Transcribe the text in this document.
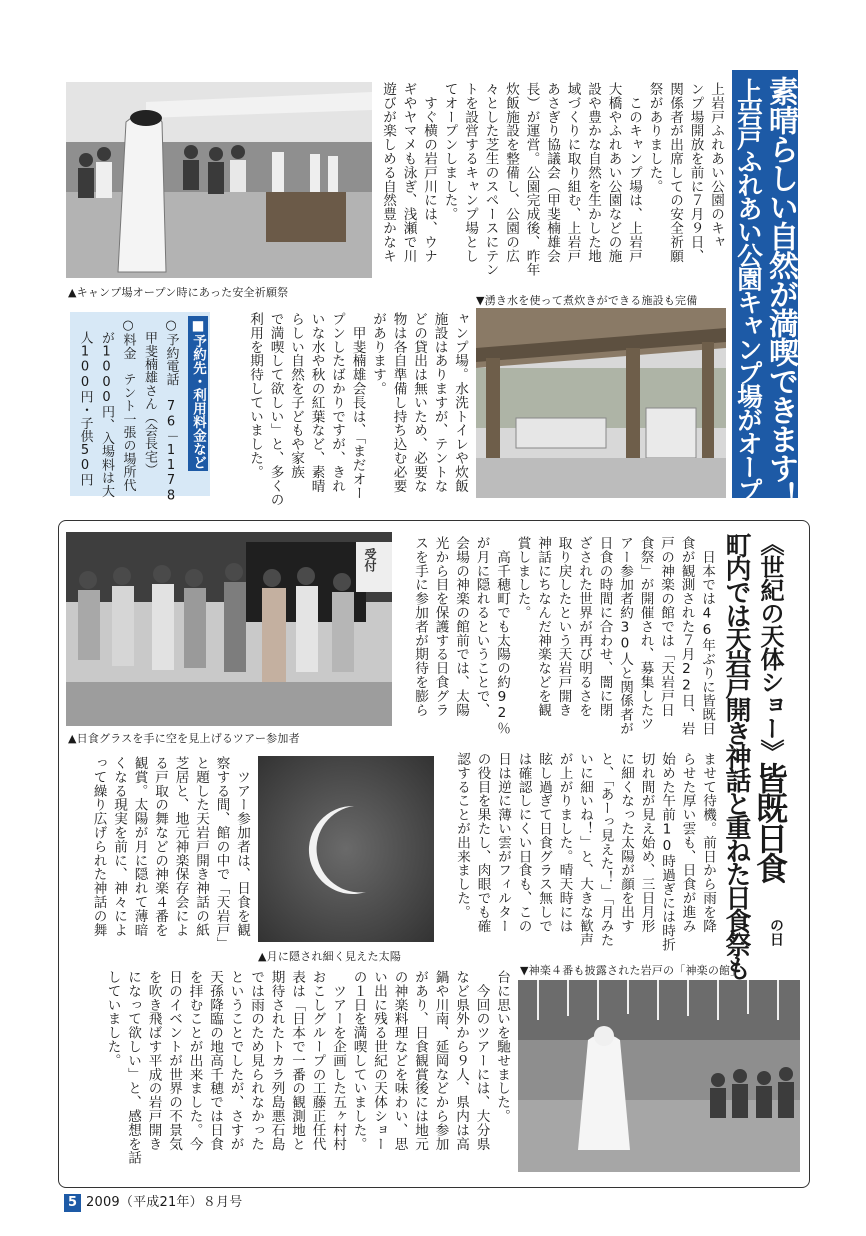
素晴らしい自然が満喫できます！
上岩戸ふれあい公園キャンプ場がオープン
上岩戸ふれあい公園のキャ
ンプ場開放を前に７月９日、
関係者が出席しての安全祈願
祭がありました。
　このキャンプ場は、上岩戸
大橋やふれあい公園などの施
設や豊かな自然を生かした地
域づくりに取り組む、上岩戸
あさぎり協議会（甲斐楠雄会
長）が運営。公園完成後、昨年
炊飯施設を整備し、公園の広
々とした芝生のスペースにテン
トを設営するキャンプ場とし
てオープンしました。
　すぐ横の岩戸川には、ウナ
ギやヤマメも泳ぎ、浅瀬で川
遊びが楽しめる自然豊かなキ
▲キャンプ場オープン時にあった安全祈願祭
▼湧き水を使って煮炊きができる施設も完備
ャンプ場。水洗トイレや炊飯
施設はありますが、テントな
どの貸出は無いため、必要な
物は各自準備し持ち込む必要
があります。
　甲斐楠雄会長は、「まだオー
プンしたばかりですが、きれ
いな水や秋の紅葉など、素晴
らしい自然を子どもや家族
で満喫して欲しい」と、多くの
利用を期待していました。
■予約先・利用料金など
○予約電話　76－1178
　甲斐楠雄さん（会長宅）
○料金　テント一張の場所代
　が1000円、入場料は大
　人100円・子供50円
《世紀の天体ショー》
皆既日食
の日
町内では天岩戸開き神話と重ねた日食祭も
　日本では46年ぶりに皆既日
食が観測された７月22日、岩
戸の神楽の館では「天岩戸日
食祭」が開催され、募集したツ
アー参加者約30人と関係者が
日食の時間に合わせ、闇に閉
ざされた世界が再び明るさを
取り戻したという天岩戸開き
神話にちなんだ神楽などを観
賞しました。
　高千穂町でも太陽の約92％
が月に隠れるということで、
会場の神楽の館前では、太陽
光から目を保護する日食グラ
スを手に参加者が期待を膨ら
受付
▲日食グラスを手に空を見上げるツアー参加者
ませて待機。前日から雨を降
らせた厚い雲も、日食が進み
始めた午前10時過ぎには時折
切れ間が見え始め、三日月形
に細くなった太陽が顔を出す
と、「あーっ見えた！」「月みた
いに細いね！」と、大きな歓声
が上がりました。晴天時には
眩し過ぎて日食グラス無しで
は確認しにくい日食も、この
日は逆に薄い雲がフィルター
の役目を果たし、肉眼でも確
認することが出来ました。
▲月に隠され細く見えた太陽
　ツアー参加者は、日食を観
察する間、館の中で「天岩戸」
と題した天岩戸開き神話の紙
芝居と、地元神楽保存会によ
る戸取の舞などの神楽４番を
観賞。太陽が月に隠れて薄暗
くなる現実を前に、神々によ
って繰り広げられた神話の舞
▼神楽４番も披露された岩戸の「神楽の館」
台に思いを馳せました。
　今回のツアーには、大分県
など県外から９人、県内は高
鍋や川南、延岡などから参加
があり、日食観賞後には地元
の神楽料理などを味わい、思
い出に残る世紀の天体ショー
の１日を満喫していました。
　ツアーを企画した五ヶ村村
おこしグループの工藤正任代
表は「日本で一番の観測地と
期待されたトカラ列島悪石島
では雨のため見られなかった
ということでしたが、さすが
天孫降臨の地高千穂では日食
を拝むことが出来ました。今
日のイベントが世界の不景気
を吹き飛ばす平成の岩戸開き
になって欲しい」と、感想を話
していました。
5 2009（平成21年）８月号
